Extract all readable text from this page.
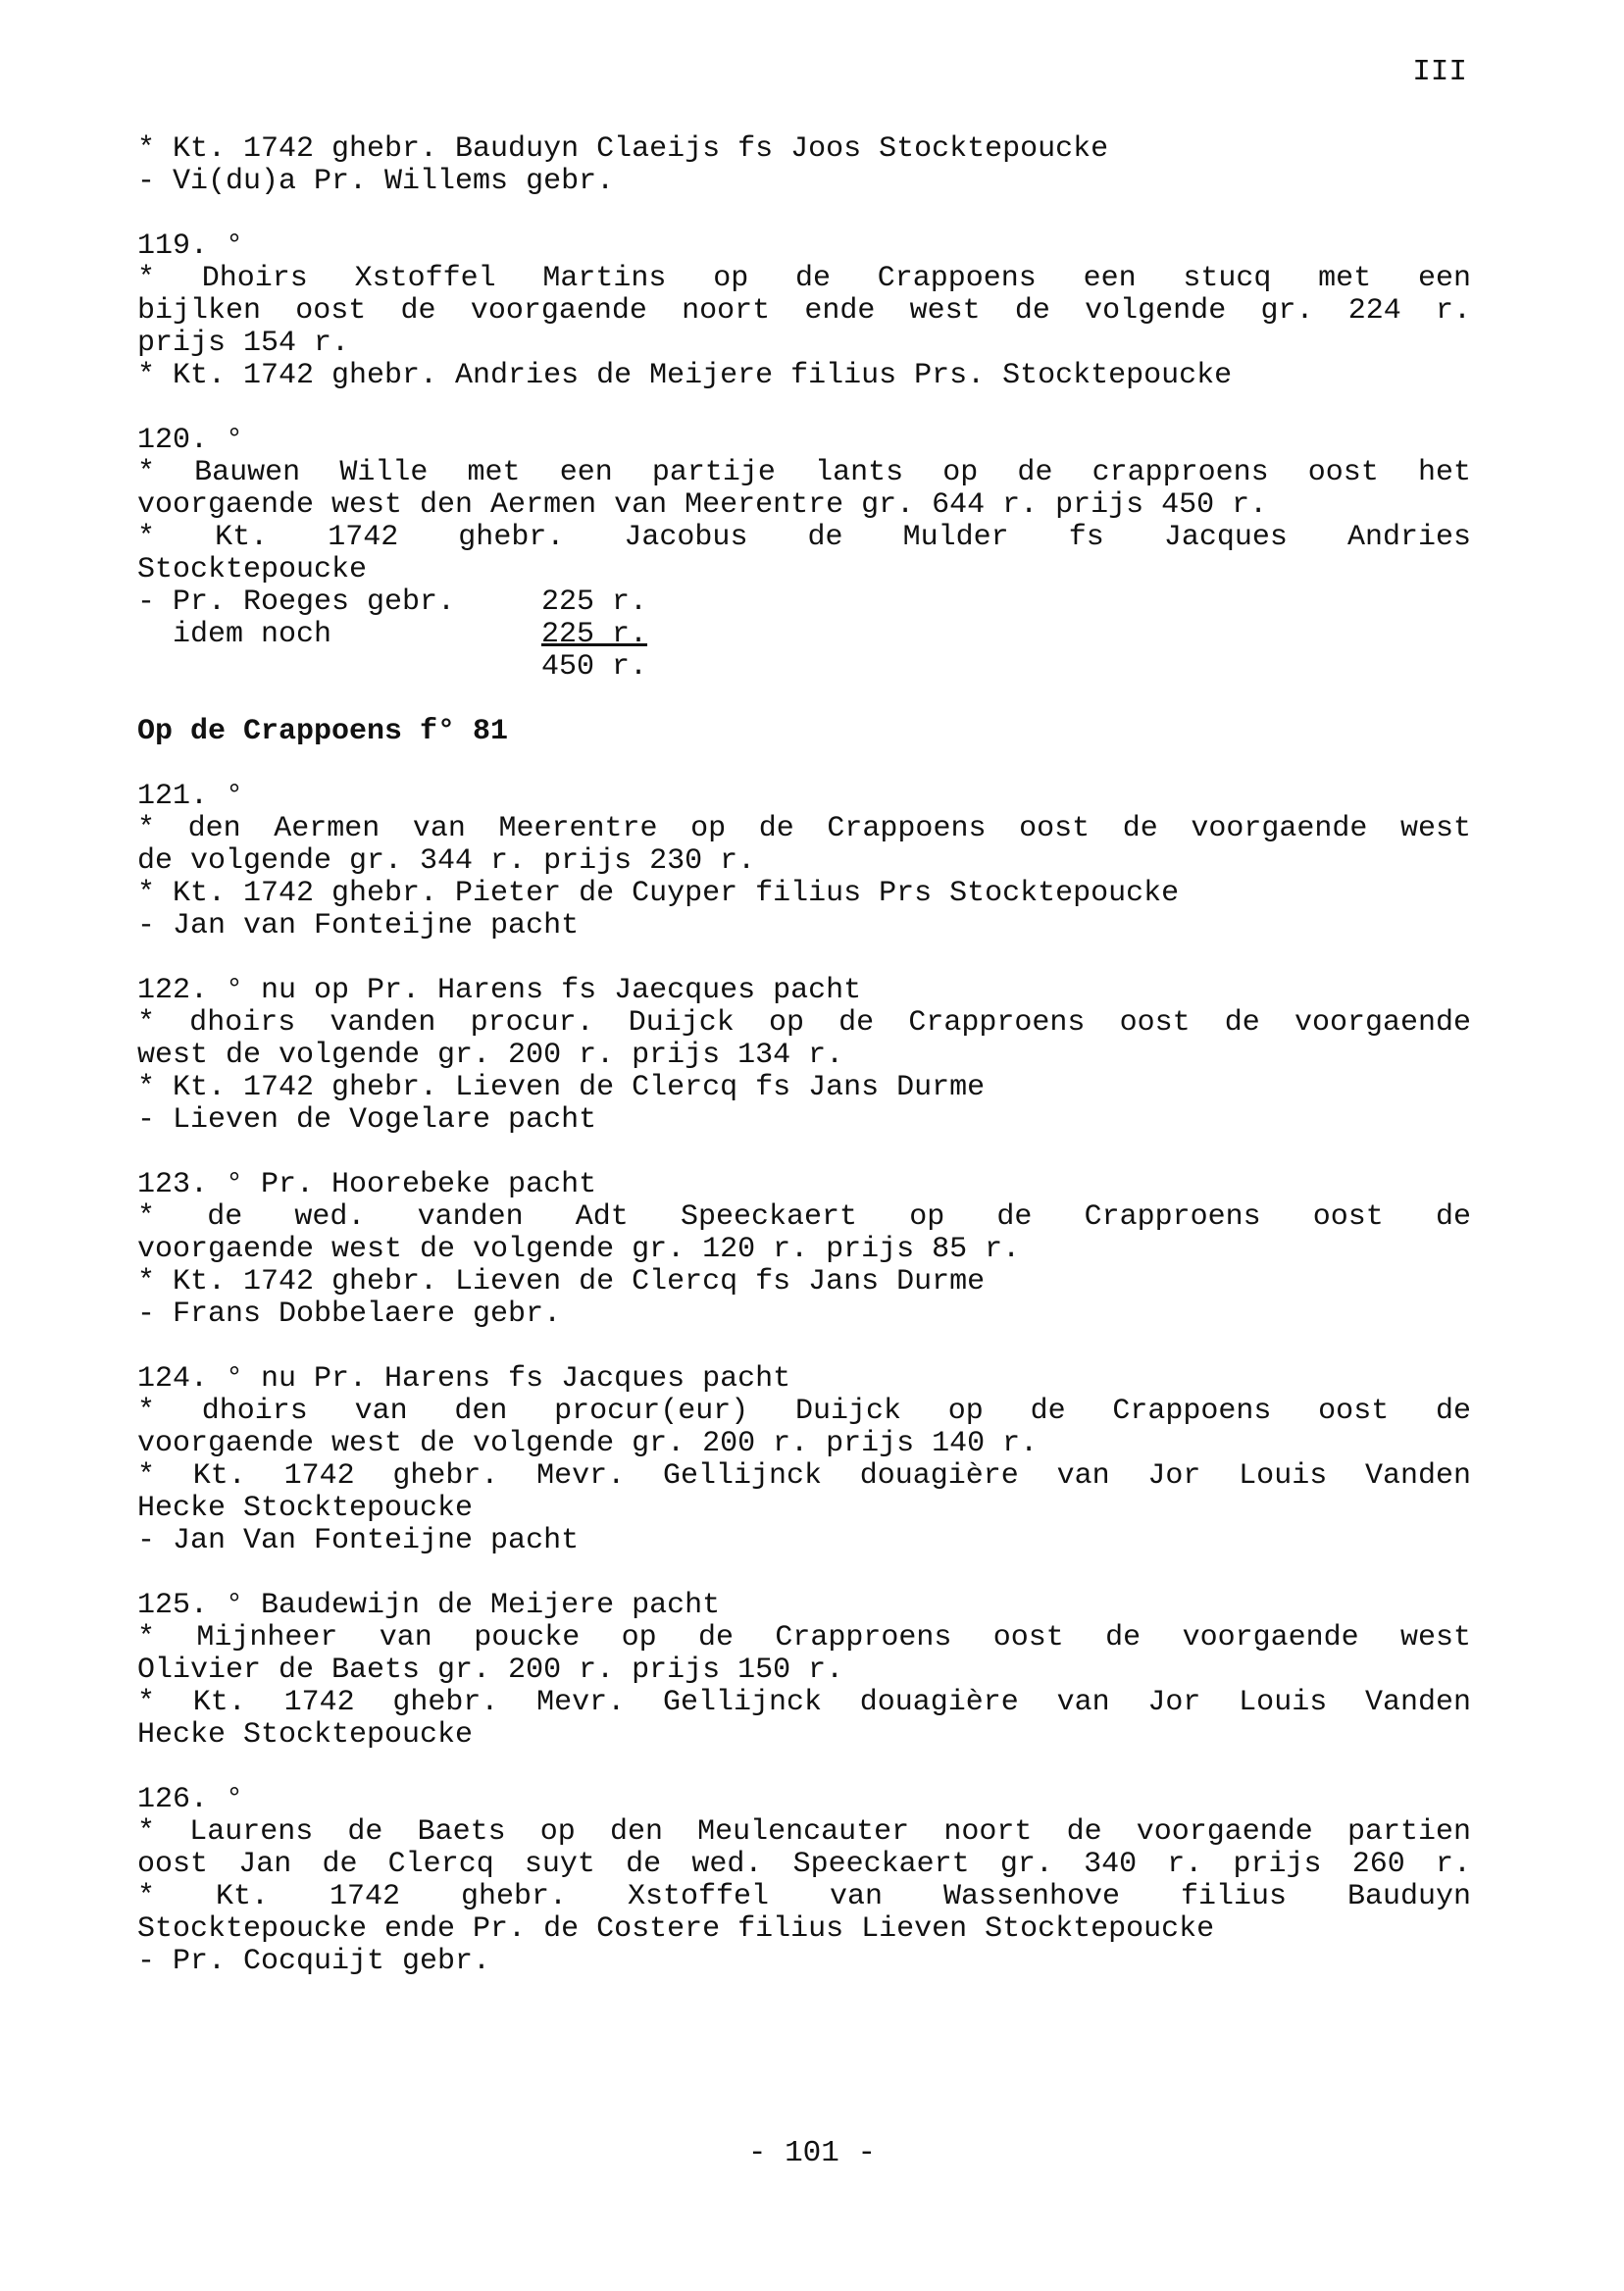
III
* Kt. 1742 ghebr. Bauduyn Claeijs fs Joos Stocktepoucke
- Vi(du)a Pr. Willems gebr.
119. °
* Dhoirs Xstoffel Martins op de Crappoens een stucq met een
bijlken oost de voorgaende noort ende west de volgende gr. 224 r.
prijs 154 r.
* Kt. 1742 ghebr. Andries de Meijere filius Prs. Stocktepoucke
120. °
* Bauwen Wille met een partije lants op de crapproens oost het
voorgaende west den Aermen van Meerentre gr. 644 r. prijs 450 r.
* Kt. 1742 ghebr. Jacobus de Mulder fs Jacques Andries
Stocktepoucke
- Pr. Roeges gebr.	225 r.
idem noch	225 r.
450 r.
Op de Crappoens f° 81
121. °
* den Aermen van Meerentre op de Crappoens oost de voorgaende west
de volgende gr. 344 r. prijs 230 r.
* Kt. 1742 ghebr. Pieter de Cuyper filius Prs Stocktepoucke
- Jan van Fonteijne pacht
122. ° nu op Pr. Harens fs Jaecques pacht
* dhoirs vanden procur. Duijck op de Crapproens oost de voorgaende
west de volgende gr. 200 r. prijs 134 r.
* Kt. 1742 ghebr. Lieven de Clercq fs Jans Durme
- Lieven de Vogelare pacht
123. ° Pr. Hoorebeke pacht
* de wed. vanden Adt Speeckaert op de Crapproens oost de
voorgaende west de volgende gr. 120 r. prijs 85 r.
* Kt. 1742 ghebr. Lieven de Clercq fs Jans Durme
- Frans Dobbelaere gebr.
124. ° nu Pr. Harens fs Jacques pacht
* dhoirs van den procur(eur) Duijck op de Crappoens oost de
voorgaende west de volgende gr. 200 r. prijs 140 r.
* Kt. 1742 ghebr. Mevr. Gellijnck douagière van Jor Louis Vanden
Hecke Stocktepoucke
- Jan Van Fonteijne pacht
125. ° Baudewijn de Meijere pacht
* Mijnheer van poucke op de Crapproens oost de voorgaende west
Olivier de Baets gr. 200 r. prijs 150 r.
* Kt. 1742 ghebr. Mevr. Gellijnck douagière van Jor Louis Vanden
Hecke Stocktepoucke
126. °
* Laurens de Baets op den Meulencauter noort de voorgaende partien
oost Jan de Clercq suyt de wed. Speeckaert gr. 340 r. prijs 260 r.
* Kt. 1742 ghebr. Xstoffel van Wassenhove filius Bauduyn
Stocktepoucke ende Pr. de Costere filius Lieven Stocktepoucke
- Pr. Cocquijt gebr.
- 101 -
